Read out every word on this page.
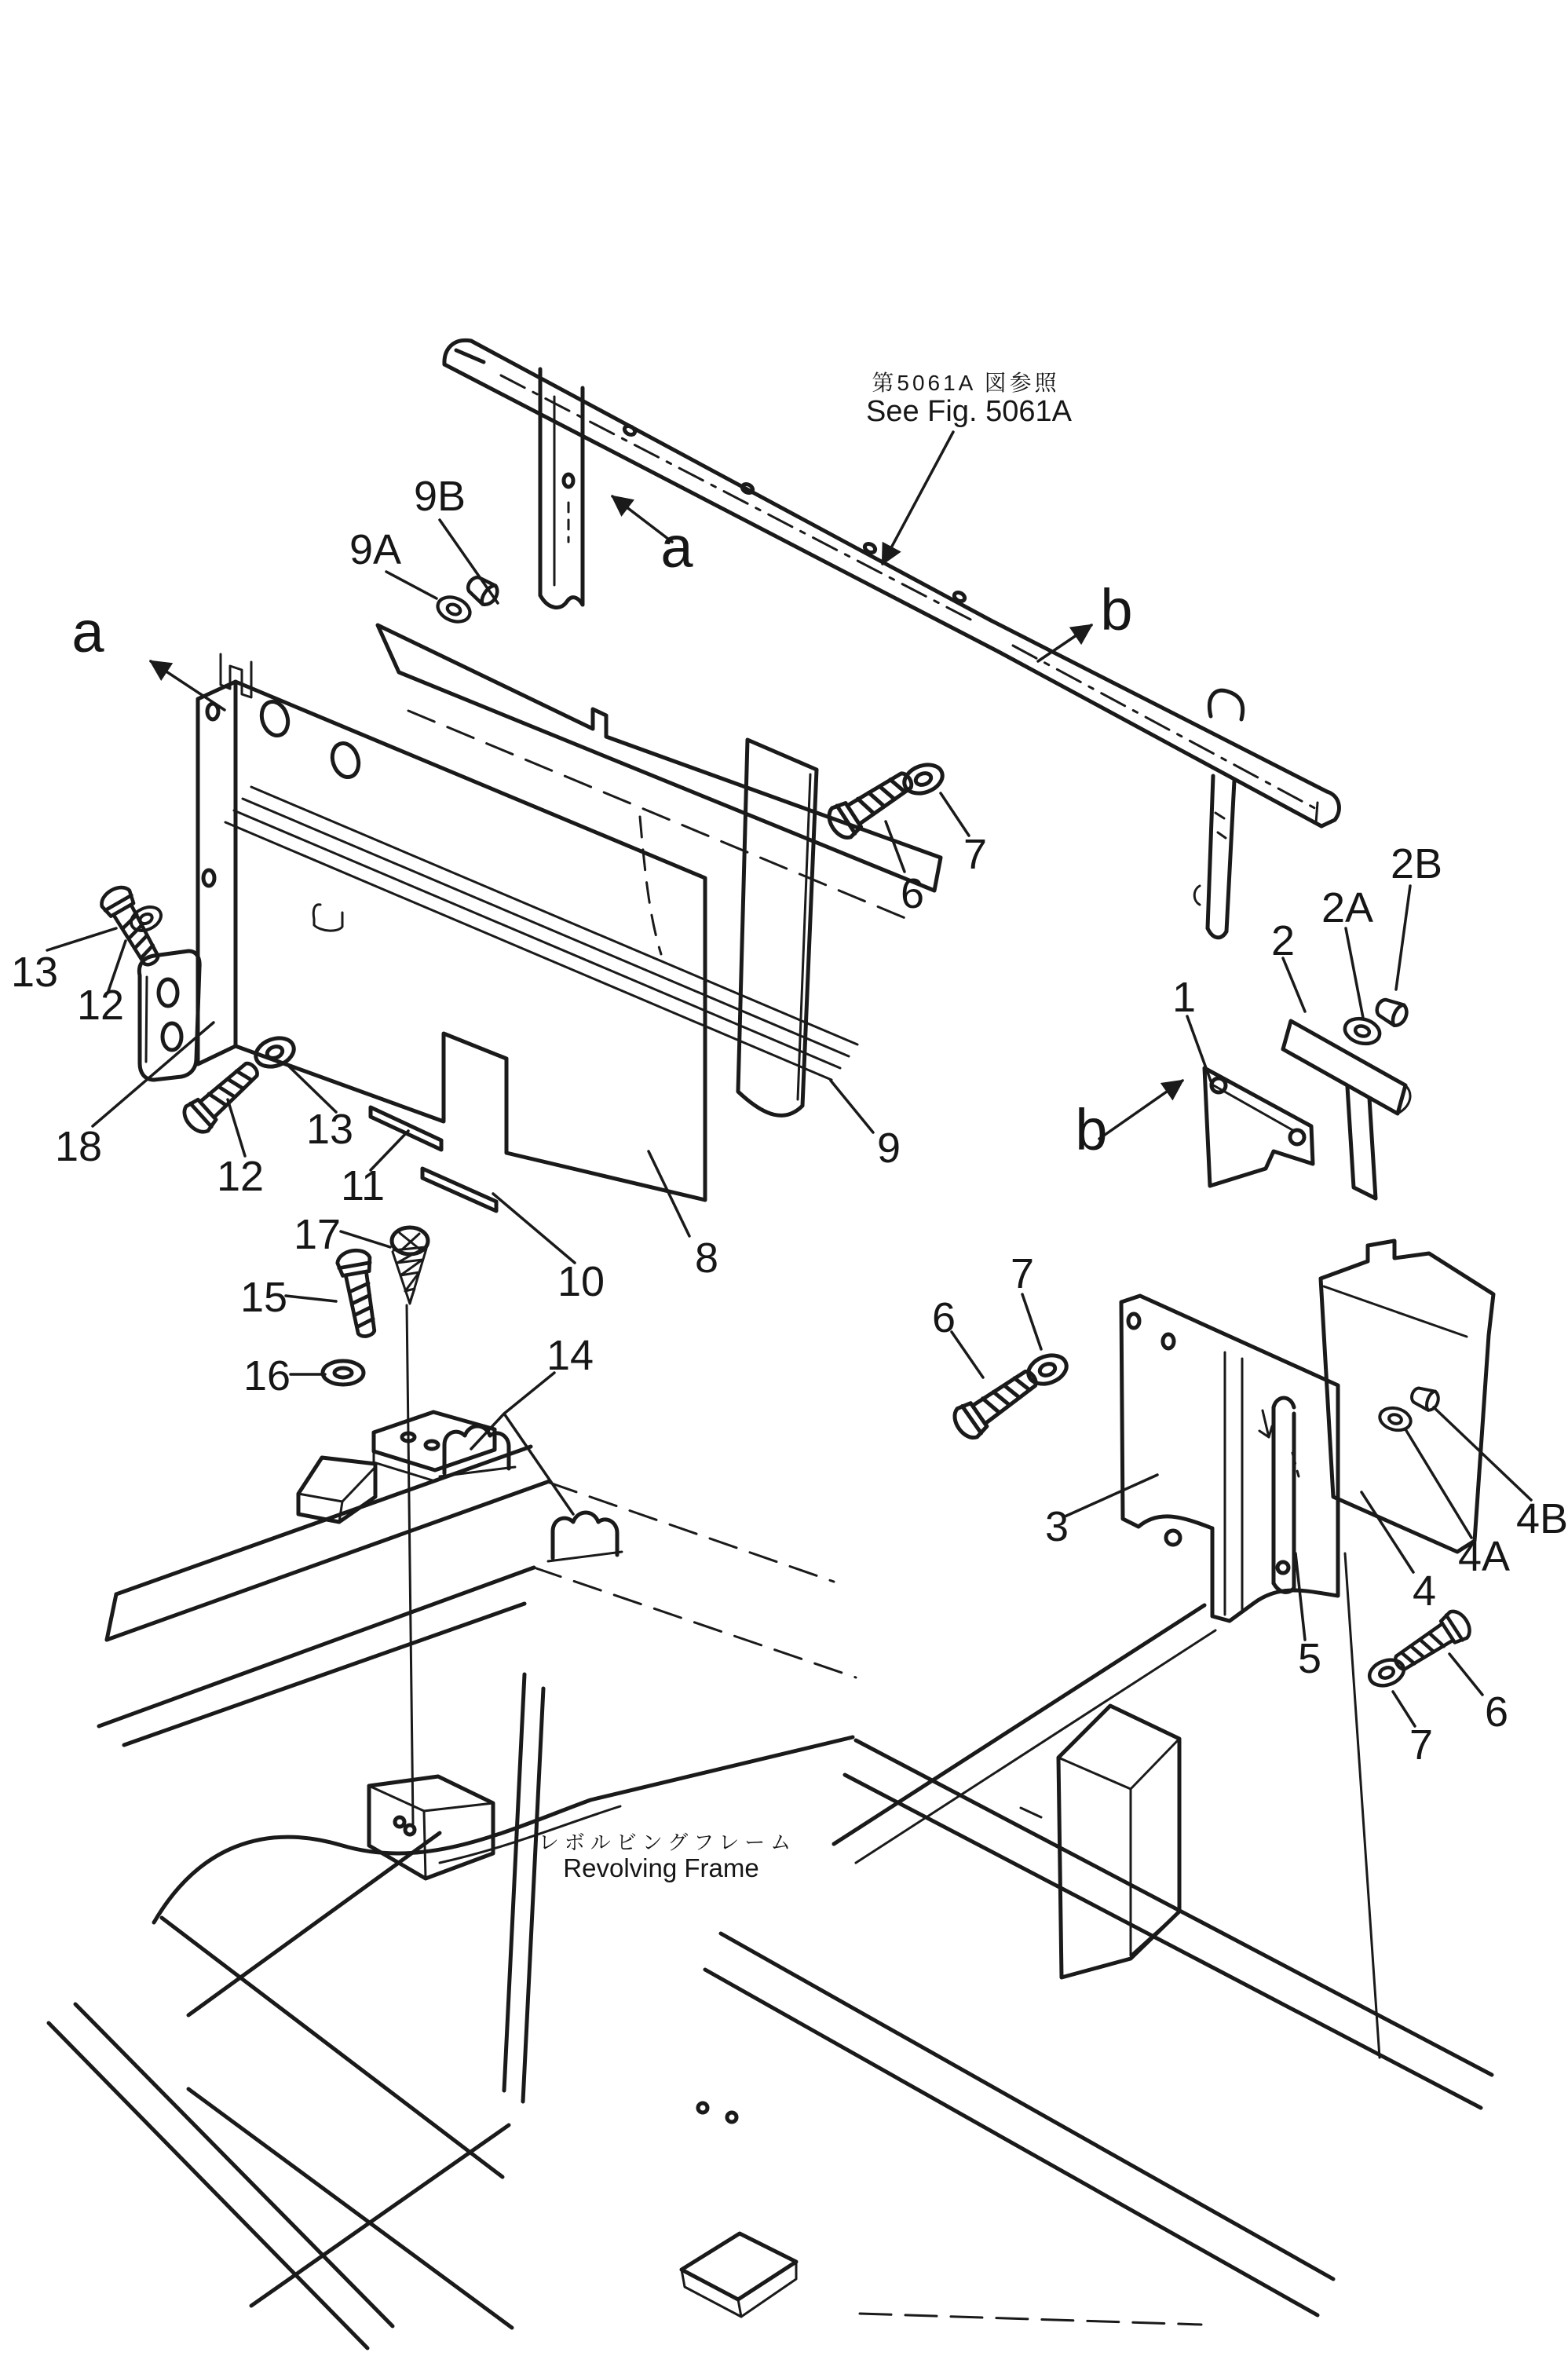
第5061A 図参照
See Fig. 5061A
レボルビングフレーム
Revolving Frame
9B
9A	a
a	b
b
13
12
18
12
13
11
17
15
16
10
14
8
9
6
7	2B
2A
2
1
6
7
3	4B
4A
4
5
7
6
